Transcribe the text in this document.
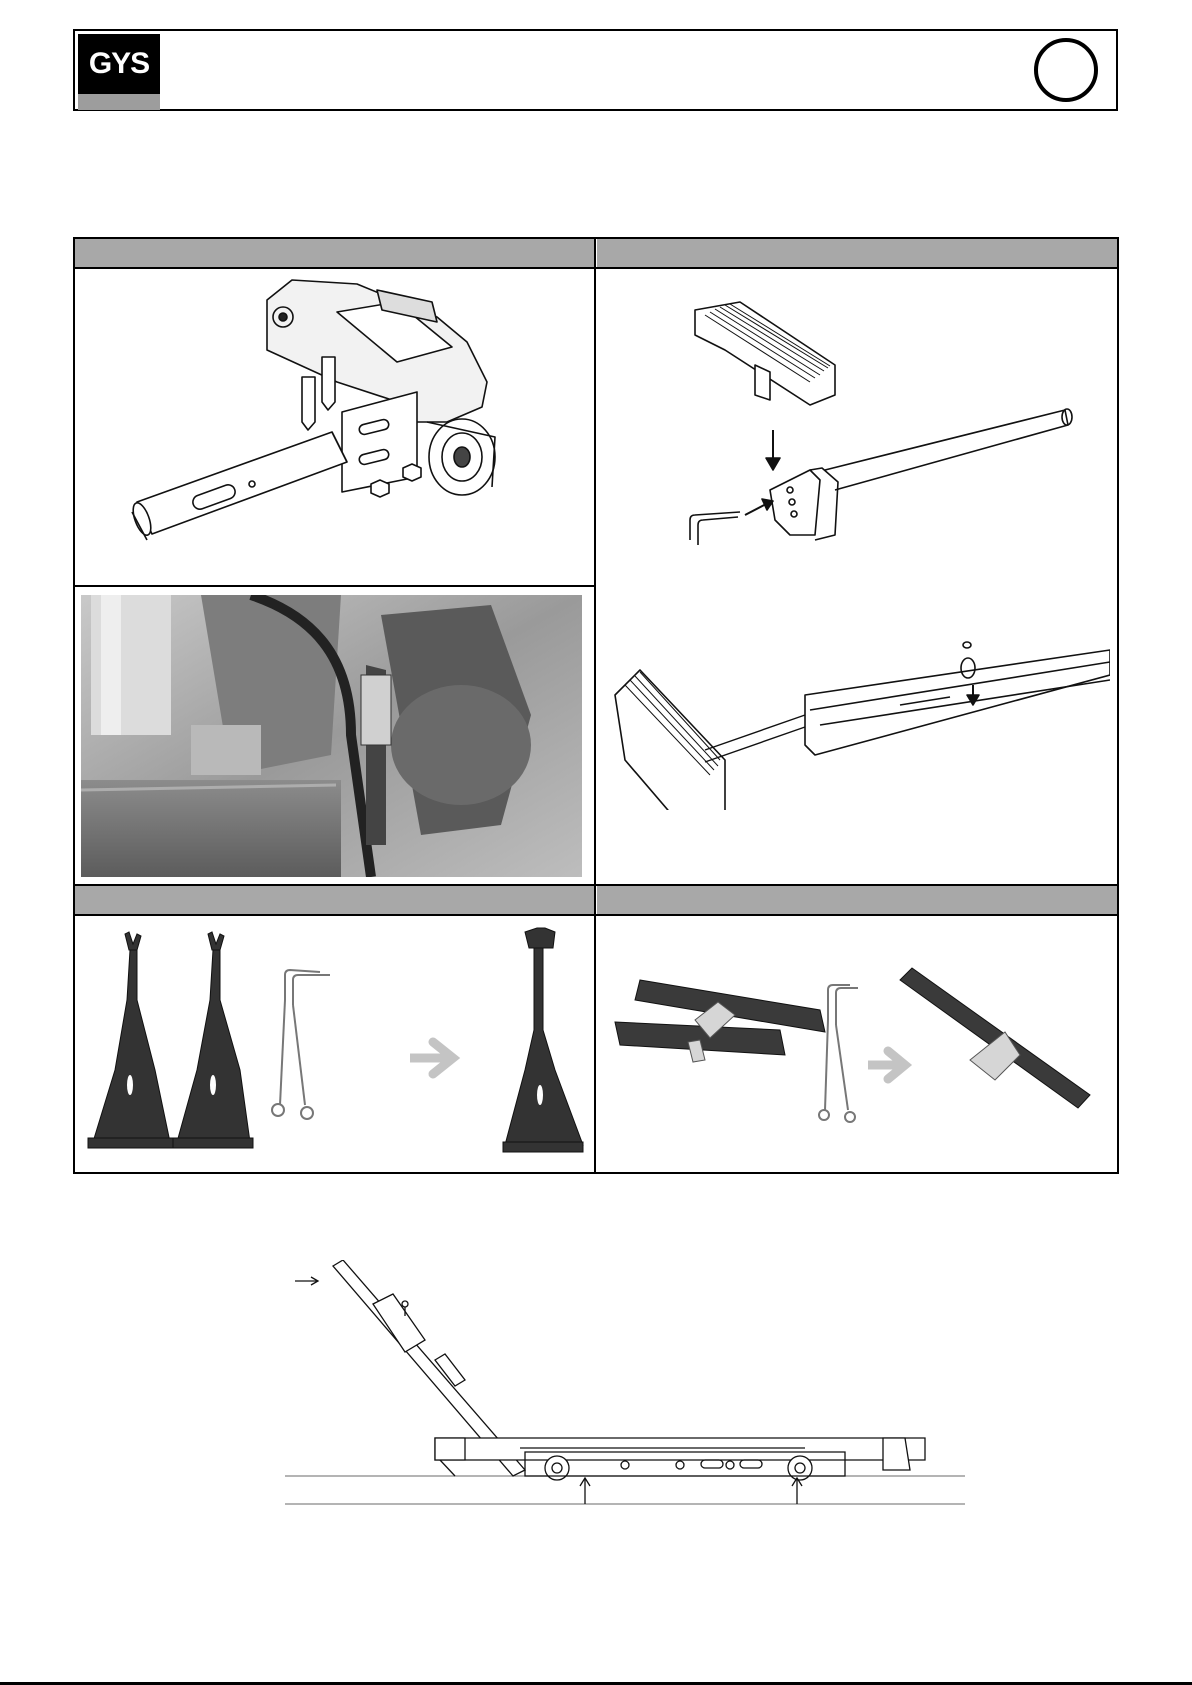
GYS
